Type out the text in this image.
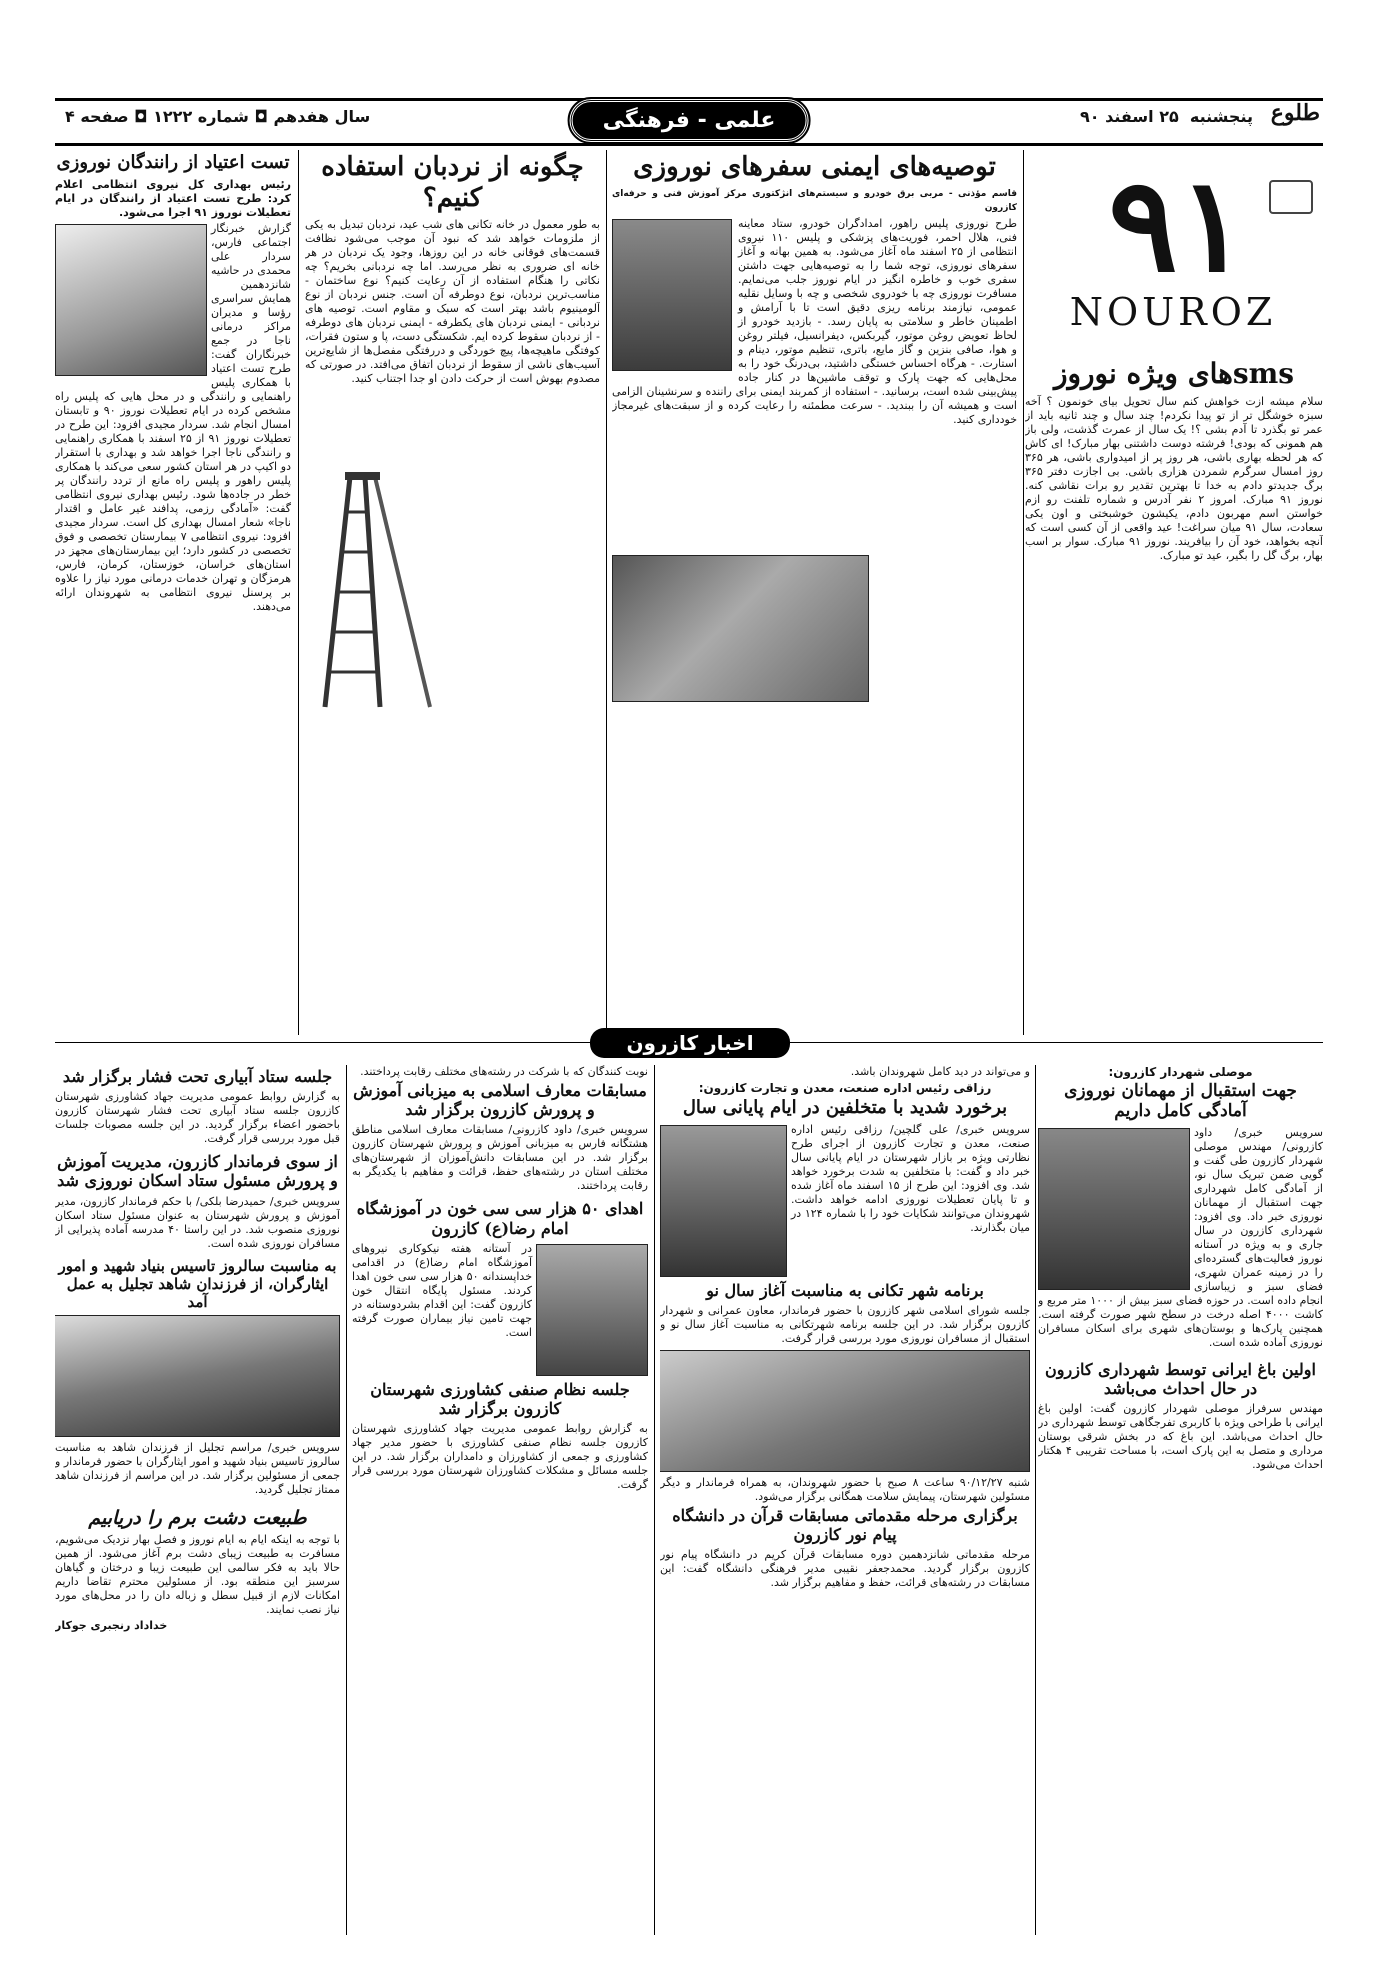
پنجشنبه  ۲۵ اسفند ۹۰
علمی - فرهنگی
سال هفدهم ◘ شماره ۱۲۲۲ ◘ صفحه ۴	طلوع
۹۱
NOUROZ
smsهای ویژه نوروز

سلام میشه ازت خواهش کنم سال تحویل بیای خونمون ؟ آخه سبزه خوشگل تر از تو پیدا نکردم! چند سال و چند ثانیه باید از عمر تو بگذرد تا آدم بشی ؟! یک سال از عمرت گذشت، ولی باز هم همونی که بودی! فرشته دوست داشتنی بهار مبارک! ای کاش که هر لحظه بهاری باشی، هر روز پر از امیدواری باشی، هر ۳۶۵ روز امسال سرگرم شمردن هزاری باشی. بی اجازت دفتر ۳۶۵ برگ جدیدتو دادم به خدا تا بهترین تقدیر رو برات نقاشی کنه. نوروز ۹۱ مبارک. امروز ۲ نفر آدرس و شماره تلفنت رو ازم خواستن اسم مهربون دادم، یکیشون خوشبختی و اون یکی سعادت، سال ۹۱ میان سراغت! عید واقعی از آن کسی است که آنچه بخواهد، خود آن را بیافریند. نوروز ۹۱ مبارک. سوار بر اسب بهار، برگ گل را بگیر، عید تو مبارک.

توصیه‌های ایمنی سفرهای نوروزی

قاسم مؤذنی - مربی برق خودرو و سیستم‌های انژکتوری مرکز آموزش فنی و حرفه‌ای کازرون

طرح نوروزی پلیس راهور، امدادگران خودرو، ستاد معاینه فنی، هلال احمر، فوریت‌های پزشکی و پلیس ۱۱۰ نیروی انتظامی از ۲۵ اسفند ماه آغاز می‌شود. به همین بهانه و آغاز سفرهای نوروزی، توجه شما را به توصیه‌هایی جهت داشتن سفری خوب و خاطره انگیز در ایام نوروز جلب می‌نمایم. مسافرت نوروزی چه با خودروی شخصی و چه با وسایل نقلیه عمومی، نیازمند برنامه ریزی دقیق است تا با آرامش و اطمینان خاطر و سلامتی به پایان رسد. - بازدید خودرو از لحاظ تعویض روغن موتور، گیربکس، دیفرانسیل، فیلتر روغن و هوا، صافی بنزین و گاز مایع، باتری، تنظیم موتور، دینام و استارت. - هرگاه احساس خستگی داشتید، بی‌درنگ خود را به محل‌هایی که جهت پارک و توقف ماشین‌ها در کنار جاده پیش‌بینی شده است، برسانید. - استفاده از کمربند ایمنی برای راننده و سرنشینان الزامی است و همیشه آن را ببندید. - سرعت مطمئنه را رعایت کرده و از سبقت‌های غیرمجاز خودداری کنید.

چگونه از نردبان استفاده کنیم؟

به طور معمول در خانه تکانی های شب عید، نردبان تبدیل به یکی از ملزومات خواهد شد که نبود آن موجب می‌شود نظافت قسمت‌های فوقانی خانه در این روزها، وجود یک نردبان در هر خانه ای ضروری به نظر می‌رسد. اما چه نردبانی بخریم؟ چه نکاتی را هنگام استفاده از آن رعایت کنیم؟ نوع ساختمان - مناسب‌ترین نردبان، نوع دوطرفه آن است. جنس نردبان از نوع آلومینیوم باشد بهتر است که سبک و مقاوم است. توصیه های نردبانی - ایمنی نردبان های یکطرفه - ایمنی نردبان های دوطرفه - از نردبان سقوط کرده ایم. شکستگی دست، پا و ستون فقرات، کوفتگی ماهیچه‌ها، پیچ خوردگی و دررفتگی مفصل‌ها از شایع‌ترین آسیب‌های ناشی از سقوط از نردبان اتفاق می‌افتد. در صورتی که مصدوم بهوش است از حرکت دادن او جدا اجتناب کنید.

تست اعتیاد از رانندگان نوروزی

رئیس بهداری کل نیروی انتظامی اعلام کرد: طرح تست اعتیاد از رانندگان در ایام تعطیلات نوروز ۹۱ اجرا می‌شود.

گزارش خبرنگار اجتماعی فارس، سردار علی محمدی در حاشیه شانزدهمین همایش سراسری رؤسا و مدیران مراکز درمانی ناجا در جمع خبرنگاران گفت: طرح تست اعتیاد با همکاری پلیس راهنمایی و رانندگی و در محل هایی که پلیس راه مشخص کرده در ایام تعطیلات نوروز ۹۰ و تابستان امسال انجام شد. سردار مجیدی افزود: این طرح در تعطیلات نوروز ۹۱ از ۲۵ اسفند با همکاری راهنمایی و رانندگی ناجا اجرا خواهد شد و بهداری با استقرار دو اکیپ در هر استان کشور سعی می‌کند با همکاری پلیس راهور و پلیس راه مانع از تردد رانندگان پر خطر در جاده‌ها شود. رئیس بهداری نیروی انتظامی گفت: «آمادگی رزمی، پدافند غیر عامل و اقتدار ناجا» شعار امسال بهداری کل است. سردار مجیدی افزود: نیروی انتظامی ۷ بیمارستان تخصصی و فوق تخصصی در کشور دارد؛ این بیمارستان‌های مجهز در استان‌های خراسان، خوزستان، کرمان، فارس، هرمزگان و تهران خدمات درمانی مورد نیاز را علاوه بر پرسنل نیروی انتظامی به شهروندان ارائه می‌دهند.

اخبار کازرون

موصلی شهردار کازرون:

جهت استقبال از مهمانان نوروزی آمادگی کامل داریم

سرویس خبری/ داود کازرونی/ مهندس موصلی شهردار کازرون طی گفت و گویی ضمن تبریک سال نو، از آمادگی کامل شهرداری جهت استقبال از مهمانان نوروزی خبر داد. وی افزود: شهرداری کازرون در سال جاری و به ویژه در آستانه نوروز فعالیت‌های گسترده‌ای را در زمینه عمران شهری، فضای سبز و زیباسازی انجام داده است. در حوزه فضای سبز بیش از ۱۰۰۰ متر مربع و کاشت ۴۰۰۰ اصله درخت در سطح شهر صورت گرفته است. همچنین پارک‌ها و بوستان‌های شهری برای اسکان مسافران نوروزی آماده شده است.

اولین باغ ایرانی توسط شهرداری کازرون در حال احداث می‌باشد

مهندس سرفراز موصلی شهردار کازرون گفت: اولین باغ ایرانی با طراحی ویژه با کاربری تفرجگاهی توسط شهرداری در حال احداث می‌باشد. این باغ که در بخش شرقی بوستان مرداری و متصل به این پارک است، با مساحت تقریبی ۴ هکتار احداث می‌شود.

و می‌تواند در دید کامل شهروندان باشد.

رزاقی رئیس اداره صنعت، معدن و تجارت کازرون:

برخورد شدید با متخلفین در ایام پایانی سال

سرویس خبری/ علی گلچین/ رزاقی رئیس اداره صنعت، معدن و تجارت کازرون از اجرای طرح نظارتی ویژه بر بازار شهرستان در ایام پایانی سال خبر داد و گفت: با متخلفین به شدت برخورد خواهد شد. وی افزود: این طرح از ۱۵ اسفند ماه آغاز شده و تا پایان تعطیلات نوروزی ادامه خواهد داشت. شهروندان می‌توانند شکایات خود را با شماره ۱۲۴ در میان بگذارند.

برنامه شهر تکانی به مناسبت آغاز سال نو

جلسه شورای اسلامی شهر کازرون با حضور فرماندار، معاون عمرانی و شهردار کازرون برگزار شد. در این جلسه برنامه شهرتکانی به مناسبت آغاز سال نو و استقبال از مسافران نوروزی مورد بررسی قرار گرفت.

شنبه ۹۰/۱۲/۲۷ ساعت ۸ صبح با حضور شهروندان، به همراه فرماندار و دیگر مسئولین شهرستان، پیمایش سلامت همگانی برگزار می‌شود.

برگزاری مرحله مقدماتی مسابقات قرآن در دانشگاه پیام نور کازرون

مرحله مقدماتی شانزدهمین دوره مسابقات قرآن کریم در دانشگاه پیام نور کازرون برگزار گردید. محمدجعفر نقیبی مدیر فرهنگی دانشگاه گفت: این مسابقات در رشته‌های قرائت، حفظ و مفاهیم برگزار شد.

نوبت کنندگان که با شرکت در رشته‌های مختلف رقابت پرداختند.

مسابقات معارف اسلامی به میزبانی آموزش و پرورش کازرون برگزار شد

سرویس خبری/ داود کازرونی/ مسابقات معارف اسلامی مناطق هشتگانه فارس به میزبانی آموزش و پرورش شهرستان کازرون برگزار شد. در این مسابقات دانش‌آموزان از شهرستان‌های مختلف استان در رشته‌های حفظ، قرائت و مفاهیم با یکدیگر به رقابت پرداختند.

اهدای ۵۰ هزار سی سی خون در آموزشگاه امام رضا(ع) کازرون

در آستانه هفته نیکوکاری نیروهای آموزشگاه امام رضا(ع) در اقدامی خداپسندانه ۵۰ هزار سی سی خون اهدا کردند. مسئول پایگاه انتقال خون کازرون گفت: این اقدام بشردوستانه در جهت تامین نیاز بیماران صورت گرفته است.

جلسه نظام صنفی کشاورزی شهرستان کازرون برگزار شد

به گزارش روابط عمومی مدیریت جهاد کشاورزی شهرستان کازرون جلسه نظام صنفی کشاورزی با حضور مدیر جهاد کشاورزی و جمعی از کشاورزان و دامداران برگزار شد. در این جلسه مسائل و مشکلات کشاورزان شهرستان مورد بررسی قرار گرفت.

جلسه ستاد آبیاری تحت فشار برگزار شد

به گزارش روابط عمومی مدیریت جهاد کشاورزی شهرستان کازرون جلسه ستاد آبیاری تحت فشار شهرستان کازرون باحضور اعضاء برگزار گردید. در این جلسه مصوبات جلسات قبل مورد بررسی قرار گرفت.

از سوی فرماندار کازرون، مدیریت آموزش و پرورش مسئول ستاد اسکان نوروزی شد

سرویس خبری/ حمیدرضا بلکی/ با حکم فرماندار کازرون، مدیر آموزش و پرورش شهرستان به عنوان مسئول ستاد اسکان نوروزی منصوب شد. در این راستا ۴۰ مدرسه آماده پذیرایی از مسافران نوروزی شده است.

به مناسبت سالروز تاسیس بنیاد شهید و امور ایثارگران، از فرزندان شاهد تجلیل به عمل آمد

سرویس خبری/ مراسم تجلیل از فرزندان شاهد به مناسبت سالروز تاسیس بنیاد شهید و امور ایثارگران با حضور فرماندار و جمعی از مسئولین برگزار شد. در این مراسم از فرزندان شاهد ممتاز تجلیل گردید.

طبیعت دشت برم را دریابیم

با توجه به اینکه ایام به ایام نوروز و فصل بهار نزدیک می‌شویم، مسافرت به طبیعت زیبای دشت برم آغاز می‌شود. از همین حالا باید به فکر سالمی این طبیعت زیبا و درختان و گیاهان سرسبز این منطقه بود. از مسئولین محترم تقاضا داریم امکانات لازم از قبیل سطل و زباله دان را در محل‌های مورد نیاز نصب نمایند.

خداداد رنجبری جوکار
